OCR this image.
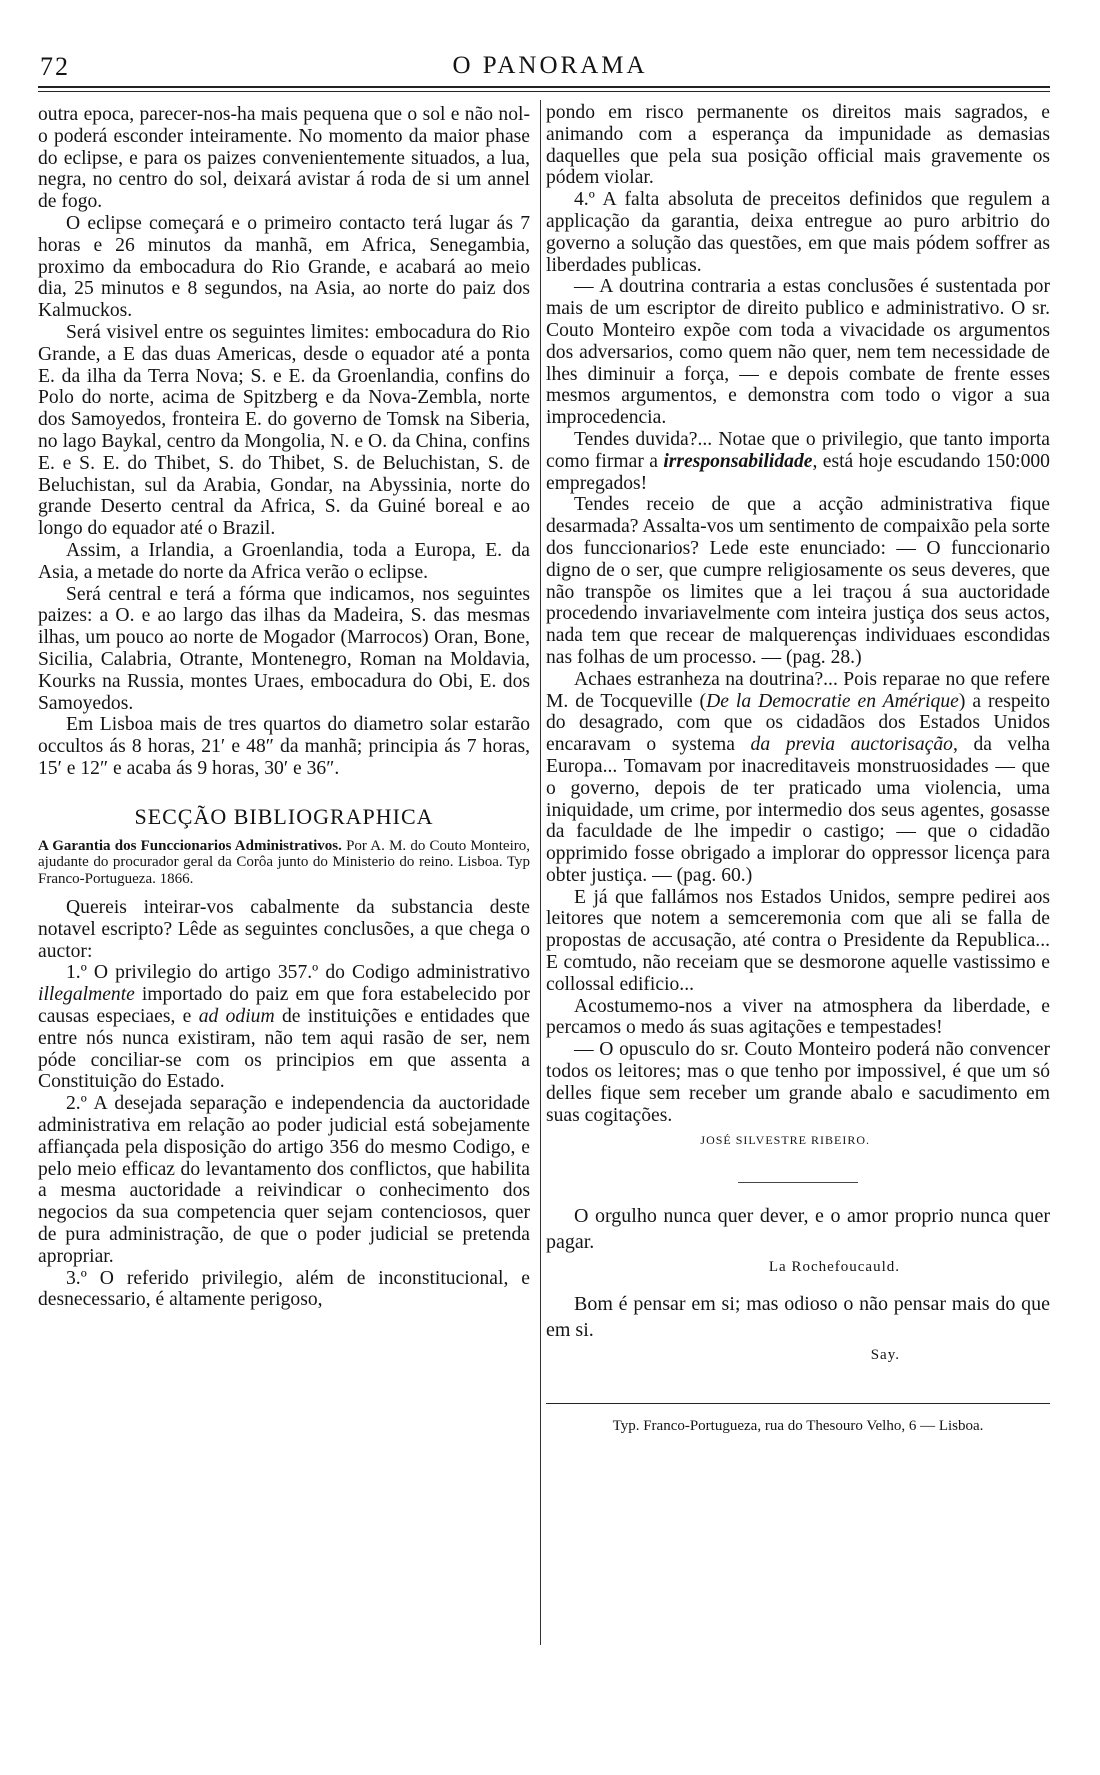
72	O PANORAMA

outra epoca, parecer-nos-ha mais pequena que o sol e não nol-o poderá esconder inteiramente. No momento da maior phase do eclipse, e para os paizes convenientemente situados, a lua, negra, no centro do sol, deixará avistar á roda de si um annel de fogo.

O eclipse começará e o primeiro contacto terá lugar ás 7 horas e 26 minutos da manhã, em Africa, Senegambia, proximo da embocadura do Rio Grande, e acabará ao meio dia, 25 minutos e 8 segundos, na Asia, ao norte do paiz dos Kalmuckos.

Será visivel entre os seguintes limites: embocadura do Rio Grande, a E das duas Americas, desde o equador até a ponta E. da ilha da Terra Nova; S. e E. da Groenlandia, confins do Polo do norte, acima de Spitzberg e da Nova-Zembla, norte dos Samoyedos, fronteira E. do governo de Tomsk na Siberia, no lago Baykal, centro da Mongolia, N. e O. da China, confins E. e S. E. do Thibet, S. do Thibet, S. de Beluchistan, S. de Beluchistan, sul da Arabia, Gondar, na Abyssinia, norte do grande Deserto central da Africa, S. da Guiné boreal e ao longo do equador até o Brazil.

Assim, a Irlandia, a Groenlandia, toda a Europa, E. da Asia, a metade do norte da Africa verão o eclipse.

Será central e terá a fórma que indicamos, nos seguintes paizes: a O. e ao largo das ilhas da Madeira, S. das mesmas ilhas, um pouco ao norte de Mogador (Marrocos) Oran, Bone, Sicilia, Calabria, Otrante, Montenegro, Roman na Moldavia, Kourks na Russia, montes Uraes, embocadura do Obi, E. dos Samoyedos.

Em Lisboa mais de tres quartos do diametro solar estarão occultos ás 8 horas, 21′ e 48″ da manhã; principia ás 7 horas, 15′ e 12″ e acaba ás 9 horas, 30′ e 36″.

SECÇÃO BIBLIOGRAPHICA

A Garantia dos Funccionarios Administrativos. Por A. M. do Couto Monteiro, ajudante do procurador geral da Corôa junto do Ministerio do reino. Lisboa. Typ Franco-Portugueza. 1866.

Quereis inteirar-vos cabalmente da substancia deste notavel escripto? Lêde as seguintes conclusões, a que chega o auctor:

1.º O privilegio do artigo 357.º do Codigo administrativo illegalmente importado do paiz em que fora estabelecido por causas especiaes, e ad odium de instituições e entidades que entre nós nunca existiram, não tem aqui rasão de ser, nem póde conciliar-se com os principios em que assenta a Constituição do Estado.

2.º A desejada separação e independencia da auctoridade administrativa em relação ao poder judicial está sobejamente affiançada pela disposição do artigo 356 do mesmo Codigo, e pelo meio efficaz do levantamento dos conflictos, que habilita a mesma auctoridade a reivindicar o conhecimento dos negocios da sua competencia quer sejam contenciosos, quer de pura administração, de que o poder judicial se pretenda apropriar.

3.º O referido privilegio, além de inconstitucional, e desnecessario, é altamente perigoso,

pondo em risco permanente os direitos mais sagrados, e animando com a esperança da impunidade as demasias daquelles que pela sua posição official mais gravemente os pódem violar.

4.º A falta absoluta de preceitos definidos que regulem a applicação da garantia, deixa entregue ao puro arbitrio do governo a solução das questões, em que mais pódem soffrer as liberdades publicas.

— A doutrina contraria a estas conclusões é sustentada por mais de um escriptor de direito publico e administrativo. O sr. Couto Monteiro expõe com toda a vivacidade os argumentos dos adversarios, como quem não quer, nem tem necessidade de lhes diminuir a força, — e depois combate de frente esses mesmos argumentos, e demonstra com todo o vigor a sua improcedencia.

Tendes duvida?... Notae que o privilegio, que tanto importa como firmar a irresponsabilidade, está hoje escudando 150:000 empregados!

Tendes receio de que a acção administrativa fique desarmada? Assalta-vos um sentimento de compaixão pela sorte dos funccionarios? Lede este enunciado: — O funccionario digno de o ser, que cumpre religiosamente os seus deveres, que não transpõe os limites que a lei traçou á sua auctoridade procedendo invariavelmente com inteira justiça dos seus actos, nada tem que recear de malquerenças individuaes escondidas nas folhas de um processo. — (pag. 28.)

Achaes estranheza na doutrina?... Pois reparae no que refere M. de Tocqueville (De la Democratie en Amérique) a respeito do desagrado, com que os cidadãos dos Estados Unidos encaravam o systema da previa auctorisação, da velha Europa... Tomavam por inacreditaveis monstruosidades — que o governo, depois de ter praticado uma violencia, uma iniquidade, um crime, por intermedio dos seus agentes, gosasse da faculdade de lhe impedir o castigo; — que o cidadão opprimido fosse obrigado a implorar do oppressor licença para obter justiça. — (pag. 60.)

E já que fallámos nos Estados Unidos, sempre pedirei aos leitores que notem a semceremonia com que ali se falla de propostas de accusação, até contra o Presidente da Republica... E comtudo, não receiam que se desmorone aquelle vastissimo e collossal edificio...

Acostumemo-nos a viver na atmosphera da liberdade, e percamos o medo ás suas agitações e tempestades!

— O opusculo do sr. Couto Monteiro poderá não convencer todos os leitores; mas o que tenho por impossivel, é que um só delles fique sem receber um grande abalo e sacudimento em suas cogitações.

JOSÉ SILVESTRE RIBEIRO.

O orgulho nunca quer dever, e o amor proprio nunca quer pagar.

La Rochefoucauld.

Bom é pensar em si; mas odioso o não pensar mais do que em si.

Say.

Typ. Franco-Portugueza, rua do Thesouro Velho, 6 — Lisboa.
